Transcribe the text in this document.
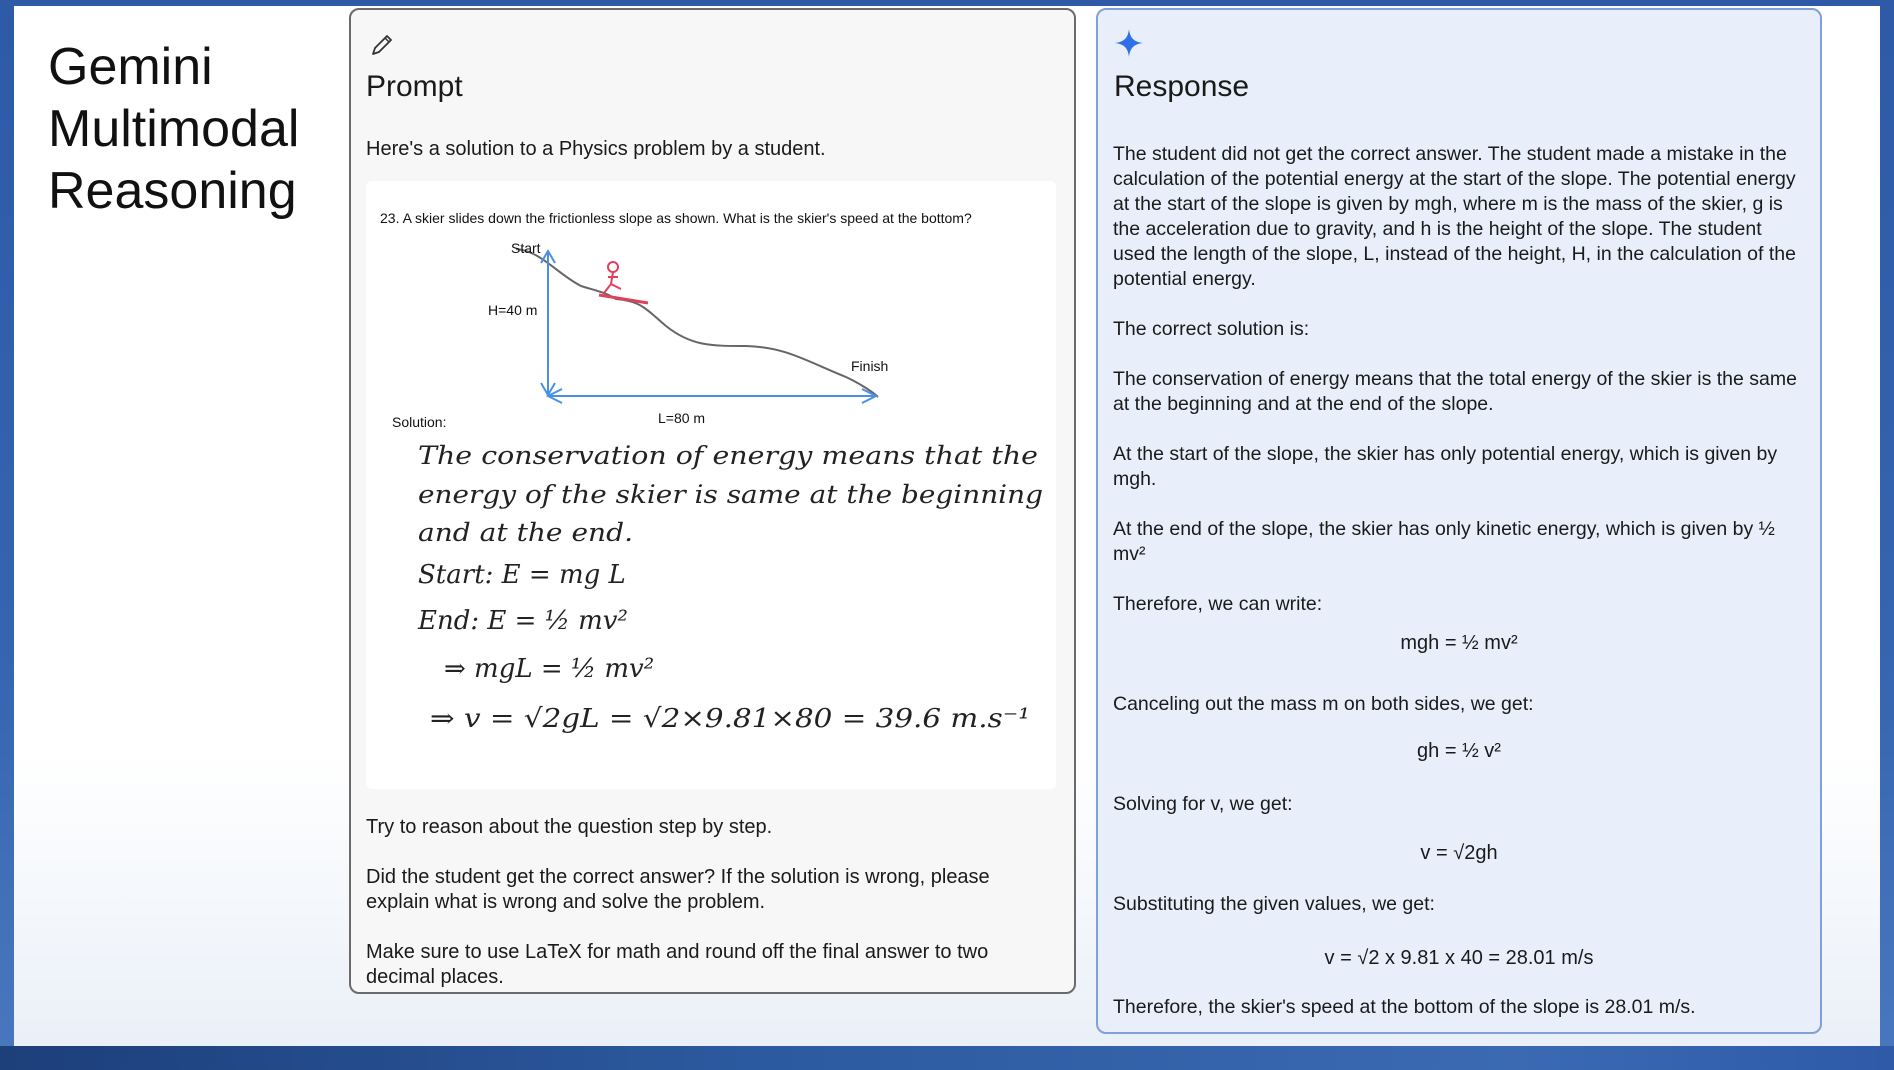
Gemini Multimodal Reasoning
Prompt
Here's a solution to a Physics problem by a student.
23. A skier slides down the frictionless slope as shown. What is the skier's speed at the bottom?
Start
H=40 m
Finish
L=80 m
Solution:
The conservation of energy means that the
energy of the skier is same at the beginning
and at the end.
Start: E = mg L
End: E = ½ mv²
⇒ mgL = ½ mv²
⇒ v = √2gL = √2×9.81×80 = 39.6 m.s⁻¹
Try to reason about the question step by step.
Did the student get the correct answer? If the solution is wrong, please explain what is wrong and solve the problem.
Make sure to use LaTeX for math and round off the final answer to two decimal places.
Response
The student did not get the correct answer. The student made a mistake in the calculation of the potential energy at the start of the slope. The potential energy at the start of the slope is given by mgh, where m is the mass of the skier, g is the acceleration due to gravity, and h is the height of the slope. The student used the length of the slope, L, instead of the height, H, in the calculation of the potential energy.
The correct solution is:
The conservation of energy means that the total energy of the skier is the same at the beginning and at the end of the slope.
At the start of the slope, the skier has only potential energy, which is given by mgh.
At the end of the slope, the skier has only kinetic energy, which is given by ½ mv²
Therefore, we can write:
mgh = ½ mv²
Canceling out the mass m on both sides, we get:
gh = ½ v²
Solving for v, we get:
v = √2gh
Substituting the given values, we get:
v = √2 x 9.81 x 40 = 28.01 m/s
Therefore, the skier's speed at the bottom of the slope is 28.01 m/s.
